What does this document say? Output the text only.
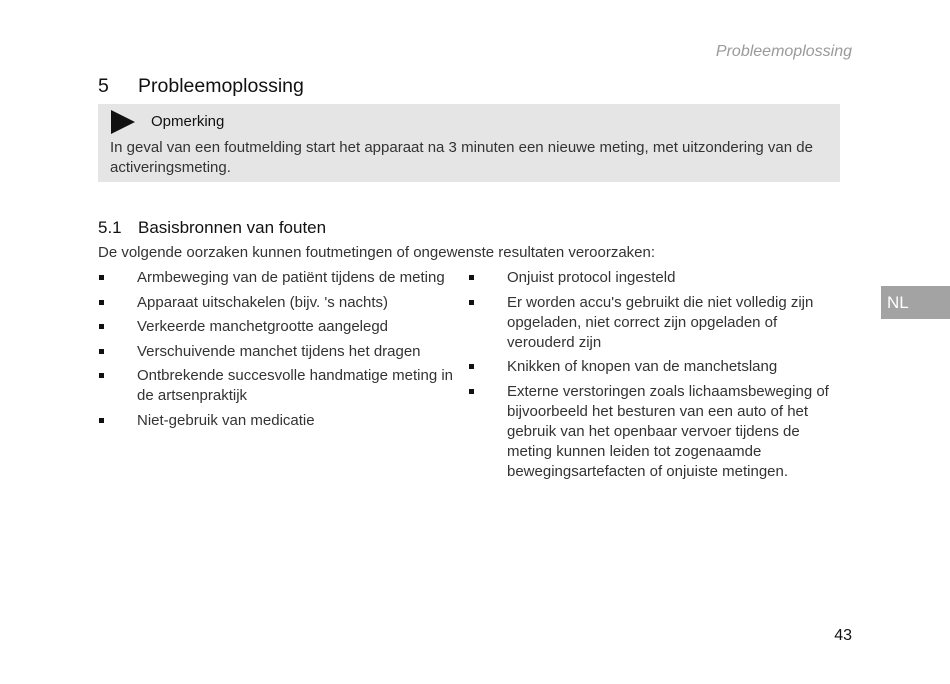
Probleemoplossing
5	Probleemoplossing
Opmerking
In geval van een foutmelding start het apparaat na 3 minuten een nieuwe meting, met uitzondering van de activeringsmeting.
5.1 Basisbronnen van fouten
De volgende oorzaken kunnen foutmetingen of ongewenste resultaten veroorzaken:
Armbeweging van de patiënt tijdens de meting
Apparaat uitschakelen (bijv. 's nachts)
Verkeerde manchetgrootte aangelegd
Verschuivende manchet tijdens het dragen
Ontbrekende succesvolle handmatige meting in de artsenpraktijk
Niet-gebruik van medicatie
Onjuist protocol ingesteld
Er worden accu's gebruikt die niet volledig zijn opgeladen, niet correct zijn opgeladen of verouderd zijn
Knikken of knopen van de manchetslang
Externe verstoringen zoals lichaamsbeweging of bijvoorbeeld het besturen van een auto of het gebruik van het openbaar vervoer tijdens de meting kunnen leiden tot zogenaamde bewegingsartefacten of onjuiste metingen.
NL
43
